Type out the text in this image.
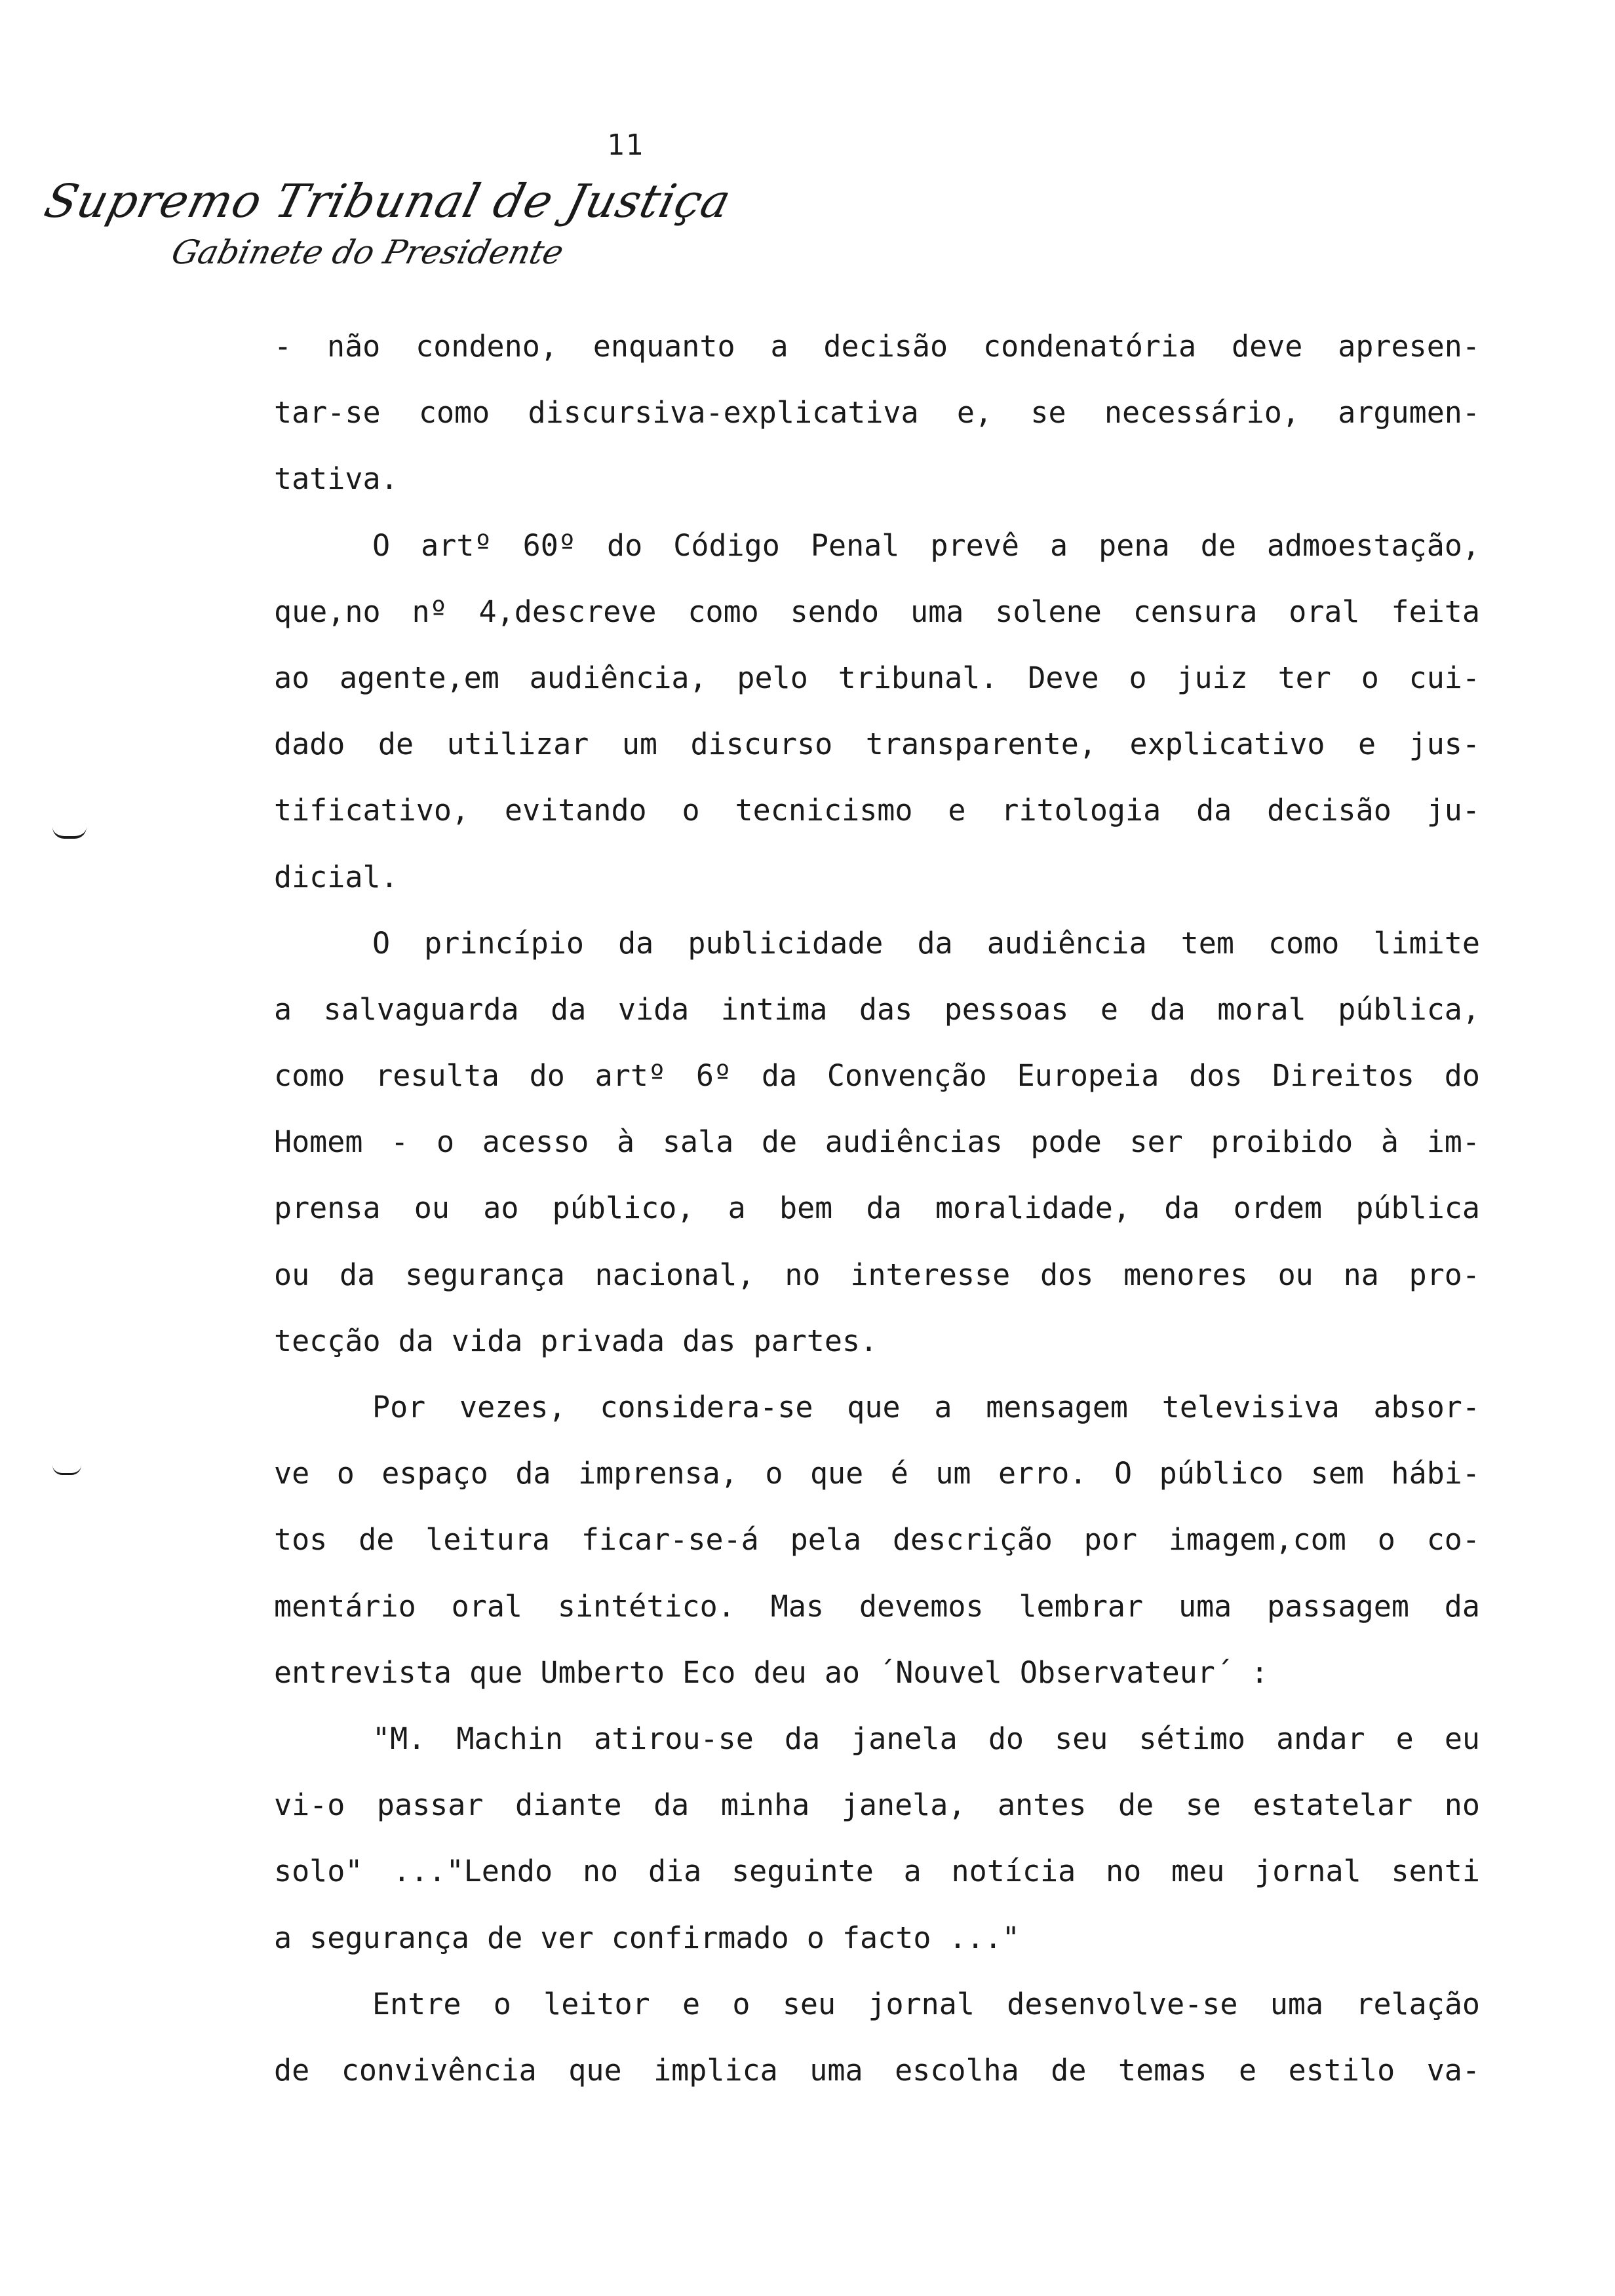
11
Supremo Tribunal de Justiça
Gabinete do Presidente
- não condeno, enquanto a decisão condenatória deve apresen-
tar-se como discursiva-explicativa e, se necessário, argumen-
tativa.
O artº 60º do Código Penal prevê a pena de admoestação,
que,no nº 4,descreve como sendo uma solene censura oral feita
ao agente,em audiência, pelo tribunal. Deve o juiz ter o cui-
dado de utilizar um discurso transparente, explicativo e jus-
tificativo, evitando o tecnicismo e ritologia da decisão ju-
dicial.
O princípio da publicidade da audiência tem como limite
a salvaguarda da vida intima das pessoas e da moral pública,
como resulta do artº 6º da Convenção Europeia dos Direitos do
Homem - o acesso à sala de audiências pode ser proibido à im-
prensa ou ao público, a bem da moralidade, da ordem pública
ou da segurança nacional, no interesse dos menores ou na pro-
tecção da vida privada das partes.
Por vezes, considera-se que a mensagem televisiva absor-
ve o espaço da imprensa, o que é um erro. O público sem hábi-
tos de leitura ficar-se-á pela descrição por imagem,com o co-
mentário oral sintético. Mas devemos lembrar uma passagem da
entrevista que Umberto Eco deu ao ´Nouvel Observateur´ :
"M. Machin atirou-se da janela do seu sétimo andar e eu
vi-o passar diante da minha janela, antes de se estatelar no
solo" ..."Lendo no dia seguinte a notícia no meu jornal senti
a segurança de ver confirmado o facto ..."
Entre o leitor e o seu jornal desenvolve-se uma relação
de convivência que implica uma escolha de temas e estilo va-
